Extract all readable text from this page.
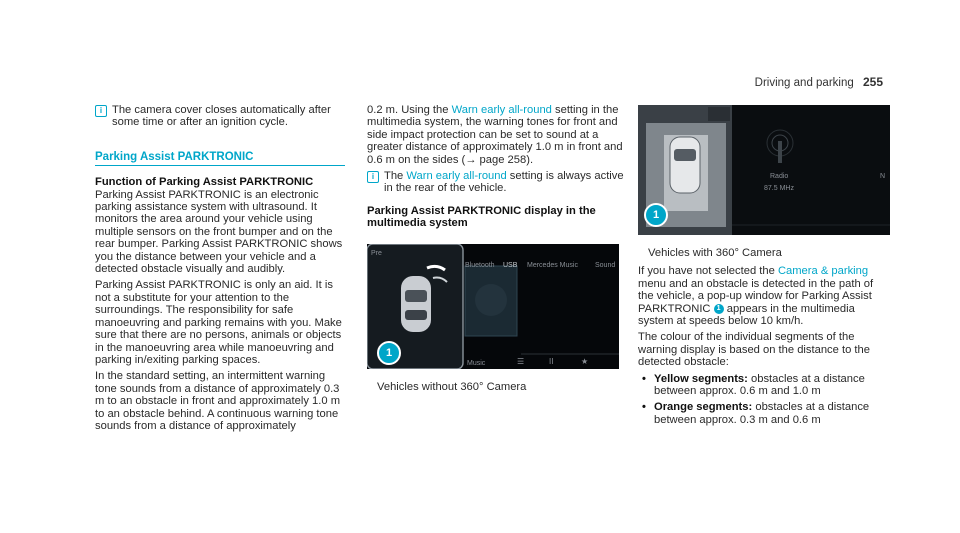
Driving and parking 255
i The camera cover closes automatically after some time or after an ignition cycle.
Parking Assist PARKTRONIC

Function of Parking Assist PARKTRONIC

Parking Assist PARKTRONIC is an electronic parking assistance system with ultrasound. It monitors the area around your vehicle using multiple sensors on the front bumper and on the rear bumper. Parking Assist PARKTRONIC shows you the distance between your vehicle and a detected obstacle visually and audibly.

Parking Assist PARKTRONIC is only an aid. It is not a substitute for your attention to the surroundings. The responsibility for safe manoeuvring and parking remains with you. Make sure that there are no persons, animals or objects in the manoeuvring area while manoeuvring and parking in/exiting parking spaces.

In the standard setting, an intermittent warning tone sounds from a distance of approximately 0.3 m to an obstacle in front and approximately 1.0 m to an obstacle behind. A continuous warning tone sounds from a distance of approximately

0.2 m. Using the Warn early all-round setting in the multimedia system, the warning tones for front and side impact protection can be set to sound at a greater distance of approximately 1.0 m in front and 0.6 m on the sides (→ page 258).

i The Warn early all-round setting is always active in the rear of the vehicle.

Parking Assist PARKTRONIC display in the multimedia system

Pre
Bluetooth USB Mercedes Music Sound
Music	☰	II	★
1

Vehicles without 360° Camera

Radio
87.5 MHz
N
1

Vehicles with 360° Camera

If you have not selected the Camera & parking menu and an obstacle is detected in the path of the vehicle, a pop-up window for Parking Assist PARKTRONIC 1 appears in the multimedia system at speeds below 10 km/h.

The colour of the individual segments of the warning display is based on the distance to the detected obstacle:

• Yellow segments: obstacles at a distance between approx. 0.6 m and 1.0 m
• Orange segments: obstacles at a distance between approx. 0.3 m and 0.6 m
